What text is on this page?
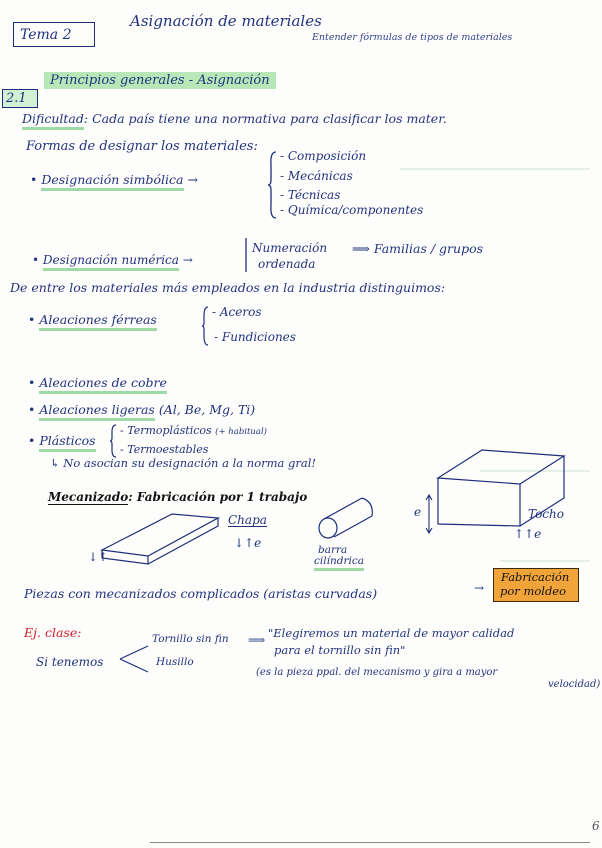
Tema 2
Asignación de materiales
Entender fórmulas de tipos de materiales
2.1
Principios generales - Asignación
Dificultad: Cada país tiene una normativa para clasificar los mater.
Formas de designar los materiales:
• Designación simbólica →
- Composición
- Mecánicas
- Técnicas
- Química/componentes
• Designación numérica →
Numeración
ordenada
⟹ Familias / grupos
De entre los materiales más empleados en la industria distinguimos:
• Aleaciones férreas	- Aceros
- Fundiciones
• Aleaciones de cobre
• Aleaciones ligeras (Al, Be, Mg, Ti)
• Plásticos
- Termoplásticos (+ habitual)
- Termoestables
↳ No asocian su designación a la norma gral!
Mecanizado: Fabricación por 1 trabajo
↓↑
Chapa
↓↑e	barra
cilíndrica
e	Tocho
↑↑e
Piezas con mecanizados complicados (aristas curvadas)	→
Fabricación
por moldeo
Ej. clase:
Si tenemos
Tornillo sin fin
Husillo
⟹ "Elegiremos un material de mayor calidad
para el tornillo sin fin"
(es la pieza ppal. del mecanismo y gira a mayor
velocidad)
6
